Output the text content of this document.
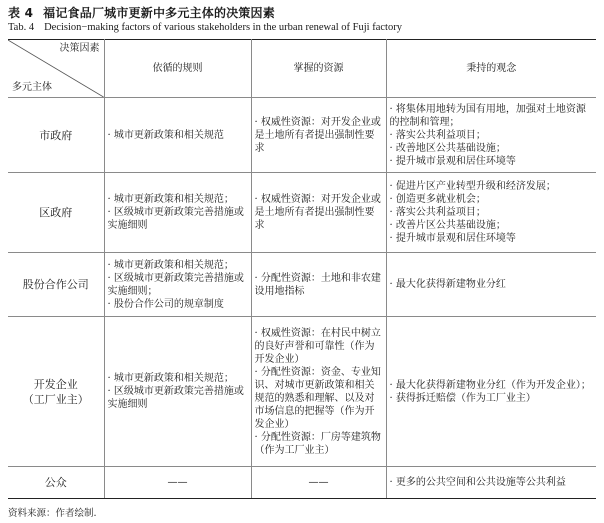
表 4 福记食品厂城市更新中多元主体的决策因素
Tab. 4 Decision−making factors of various stakeholders in the urban renewal of Fuji factory
决策因素
多元主体	依循的规则	掌握的资源	秉持的观念
市政府	· 城市更新政策和相关规范	· 权威性资源：对开发企业或是土地所有者提出强制性要求	· 将集体用地转为国有用地，加强对土地资源的控制和管理；
· 落实公共利益项目；
· 改善地区公共基础设施；
· 提升城市景观和居住环境等

区政府	· 城市更新政策和相关规范；
· 区级城市更新政策完善措施或实施细则	· 权威性资源：对开发企业或是土地所有者提出强制性要求	· 促进片区产业转型升级和经济发展；
· 创造更多就业机会；
· 落实公共利益项目；
· 改善片区公共基础设施；
· 提升城市景观和居住环境等

股份合作公司	· 城市更新政策和相关规范；
· 区级城市更新政策完善措施或实施细则；
· 股份合作公司的规章制度	· 分配性资源：土地和非农建设用地指标	· 最大化获得新建物业分红

开发企业
（工厂业主）	· 城市更新政策和相关规范；
· 区级城市更新政策完善措施或实施细则	· 权威性资源：在村民中树立的良好声誉和可靠性（作为开发企业）
· 分配性资源：资金、专业知识、对城市更新政策和相关规范的熟悉和理解、以及对市场信息的把握等（作为开发企业）
· 分配性资源：厂房等建筑物（作为工厂业主）	· 最大化获得新建物业分红（作为开发企业）；
· 获得拆迁赔偿（作为工厂业主）

公众	——	——	· 更多的公共空间和公共设施等公共利益
资料来源：作者绘制.
